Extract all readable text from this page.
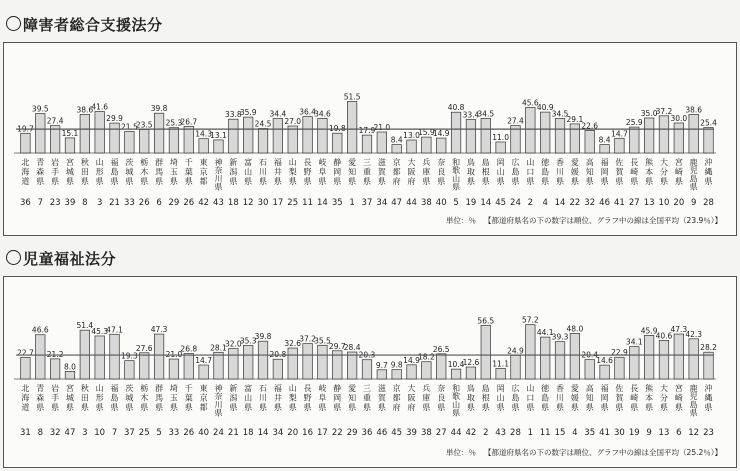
障害者総合支援法分
19.7
北
海
道
36
39.5
青
森
県
7
27.4
岩
手
県
23
15.1
宮
城
県
39
38.6
秋
田
県
8
41.6
山
形
県
3
29.9
福
島
県
21
21.5
茨
城
県
33
23.5
栃
木
県
26
39.8
群
馬
県
6
25.3
埼
玉
県
29
26.7
千
葉
県
26
14.3
東
京
都
42
13.1
神
奈
川
県
43
33.8
新
潟
県
18
35.9
富
山
県
12
24.5
石
川
県
30
34.4
福
井
県
17
27.0
山
梨
県
25
36.4
長
野
県
11
34.6
岐
阜
県
14
19.8
静
岡
県
35
51.5
愛
知
県
1
17.9
三
重
県
37
21.0
滋
賀
県
34
8.4
京
都
府
47
13.0
大
阪
府
44
15.9
兵
庫
県
38
14.9
奈
良
県
40
40.8
和
歌
山
県
5
33.4
鳥
取
県
19
34.5
島
根
県
14
11.0
岡
山
県
45
27.4
広
島
県
24
45.6
山
口
県
2
40.9
徳
島
県
4
34.5
香
川
県
14
29.1
愛
媛
県
22
22.6
高
知
県
32
8.4
福
岡
県
46
14.7
佐
賀
県
41
25.9
長
崎
県
27
35.0
熊
本
県
13
37.2
大
分
県
10
30.0
宮
崎
県
20
38.6
鹿
児
島
県
9
25.4
沖
縄
県
28
単位：％ 【都道府県名の下の数字は順位、グラフ中の線は全国平均（23.9％）】
児童福祉法分
22.7
北
海
道
31
46.6
青
森
県
8
21.2
岩
手
県
32
8.0
宮
城
県
47
51.4
秋
田
県
3
45.3
山
形
県
10
47.1
福
島
県
7
19.3
茨
城
県
37
27.6
栃
木
県
25
47.3
群
馬
県
5
21.0
埼
玉
県
33
26.8
千
葉
県
26
14.7
東
京
都
40
28.1
神
奈
川
県
24
32.0
新
潟
県
21
35.3
富
山
県
18
39.8
石
川
県
14
20.8
福
井
県
34
32.6
山
梨
県
20
37.2
長
野
県
16
35.5
岐
阜
県
17
29.7
静
岡
県
22
28.4
愛
知
県
29
20.3
三
重
県
36
9.7
滋
賀
県
46
9.8
京
都
府
45
14.9
大
阪
府
39
18.2
兵
庫
県
38
26.5
奈
良
県
27
10.4
和
歌
山
県
44
12.6
鳥
取
県
42
56.5
島
根
県
2
11.1
岡
山
県
43
24.9
広
島
県
28
57.2
山
口
県
1
44.1
徳
島
県
11
39.3
香
川
県
15
48.0
愛
媛
県
4
20.4
高
知
県
35
14.6
福
岡
県
41
22.9
佐
賀
県
30
34.1
長
崎
県
19
45.9
熊
本
県
9
40.6
大
分
県
13
47.3
宮
崎
県
6
42.3
鹿
児
島
県
12
28.2
沖
縄
県
23
単位：％ 【都道府県名の下の数字は順位、グラフ中の線は全国平均（25.2％）】
